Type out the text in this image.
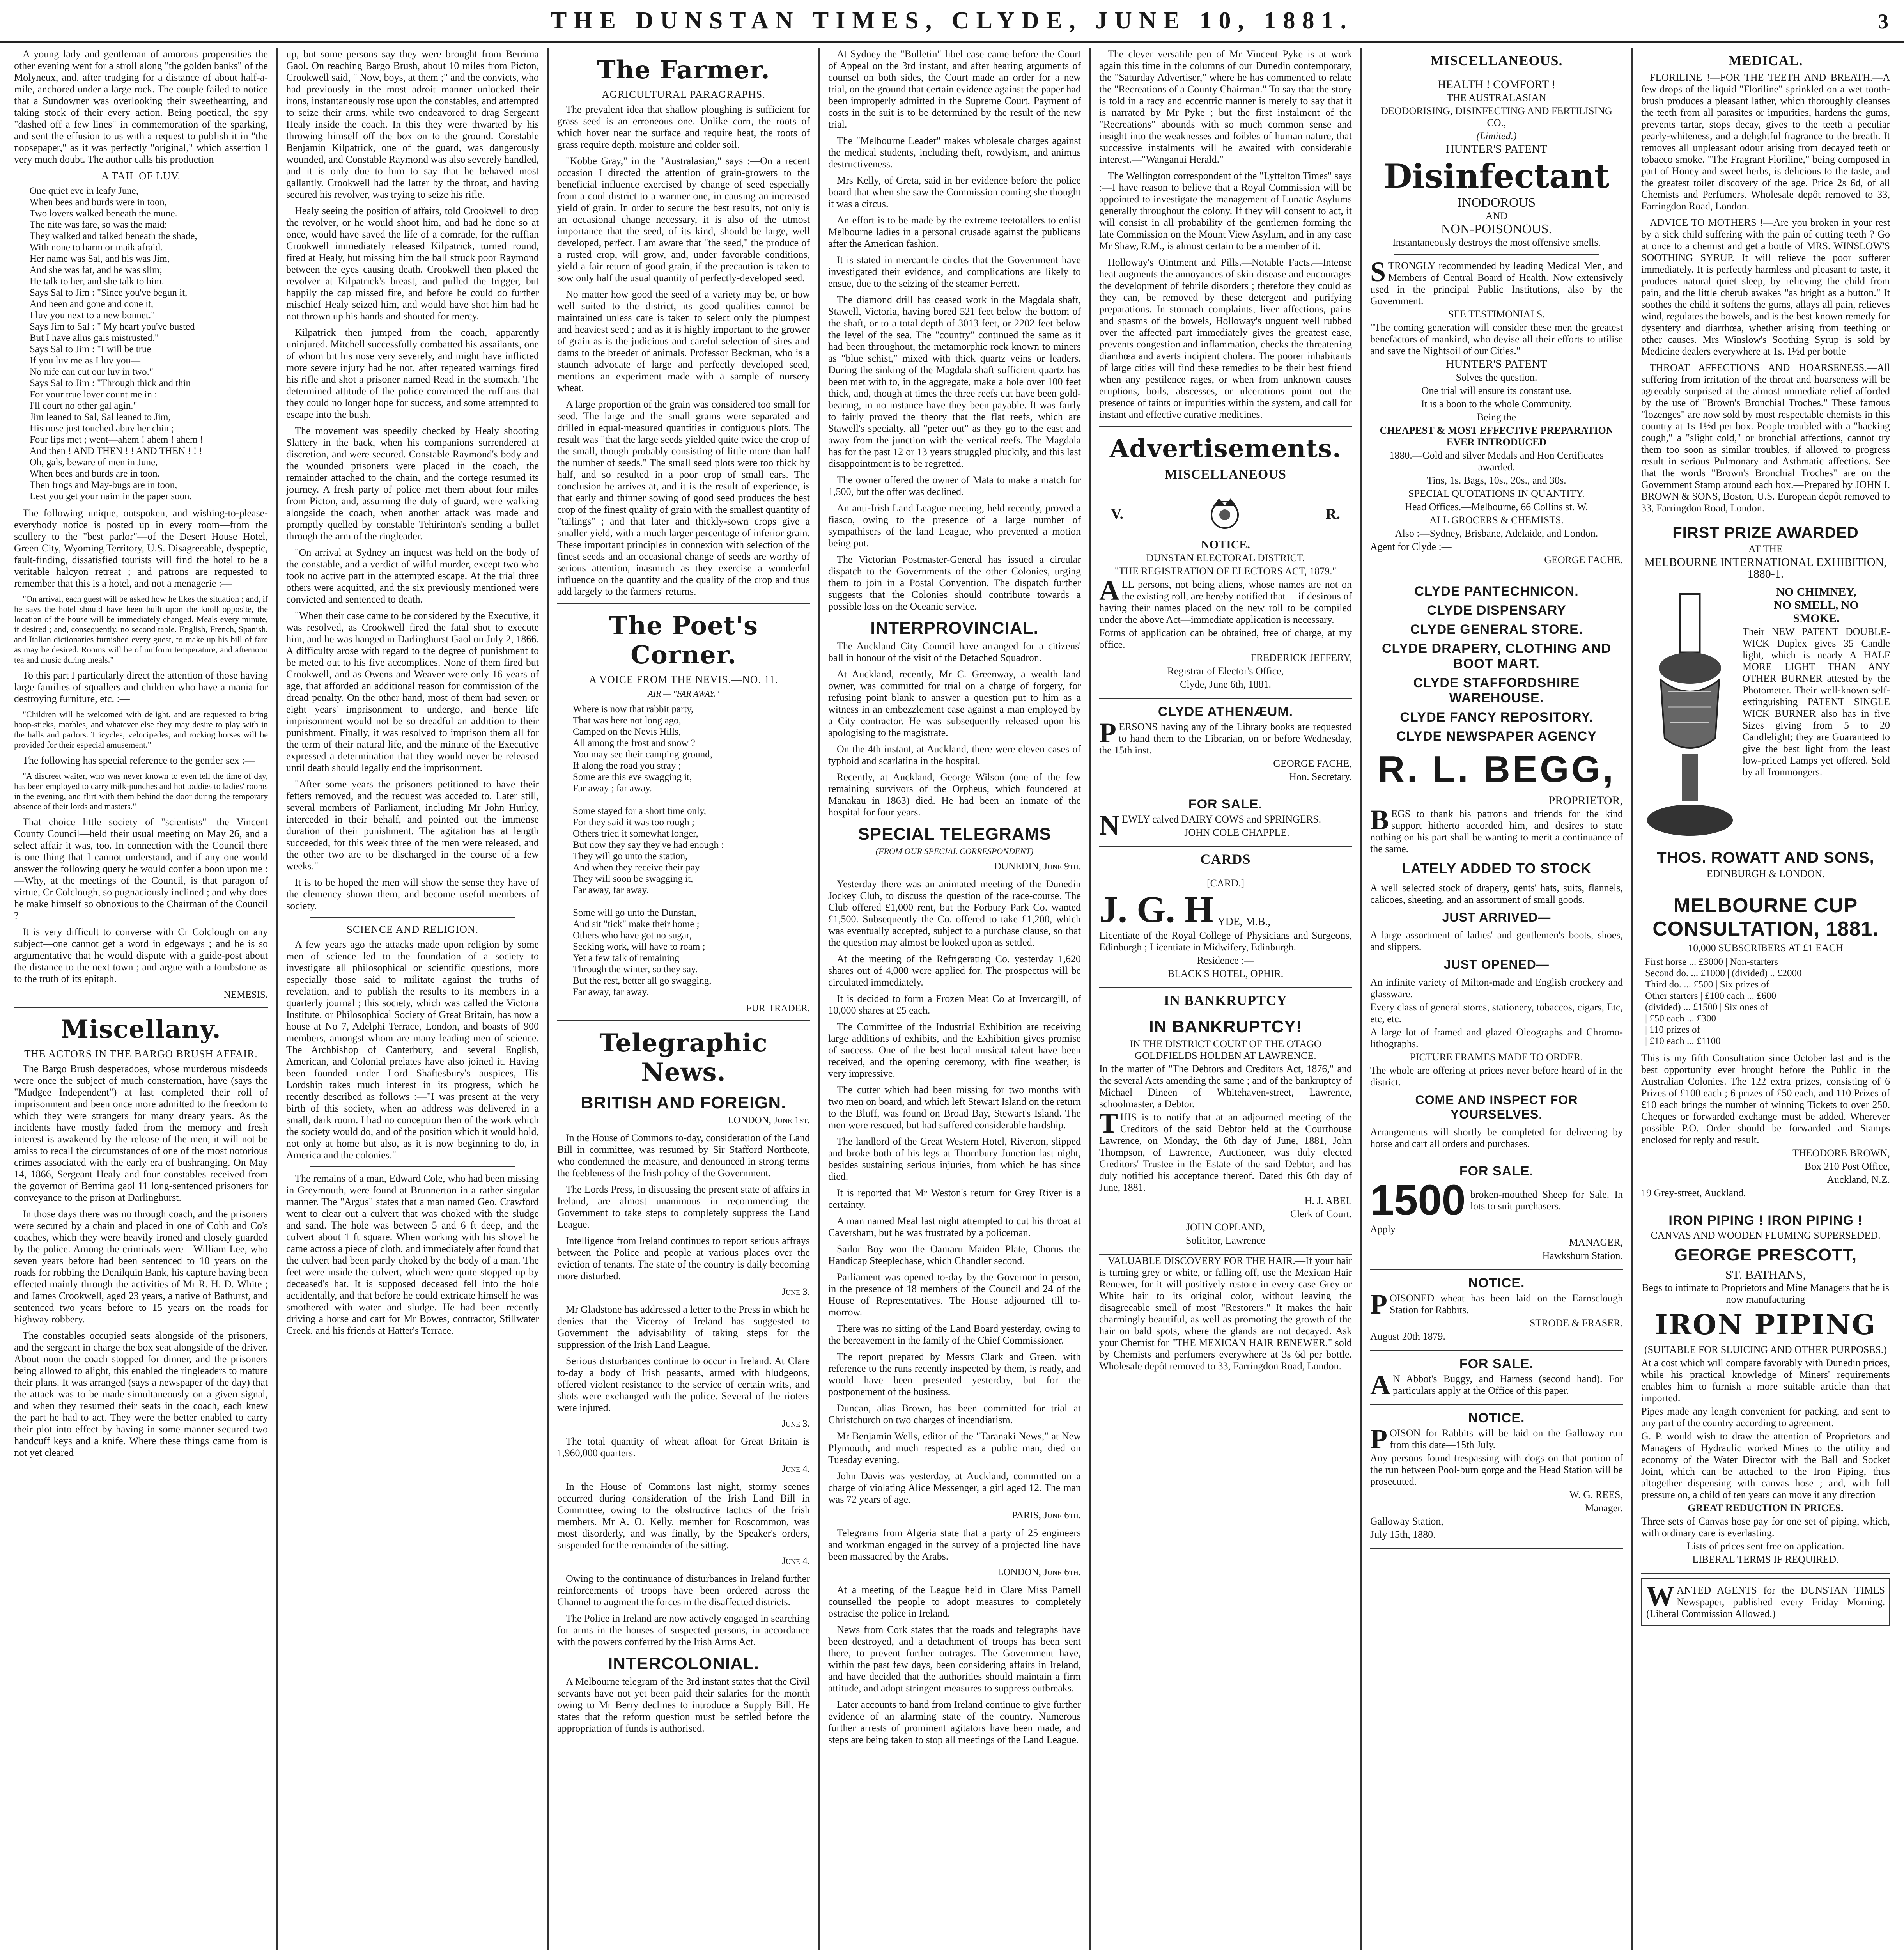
THE DUNSTAN TIMES, CLYDE, JUNE 10, 1881.	3

A young lady and gentleman of amorous propensities the other evening went for a stroll along "the golden banks" of the Molyneux, and, after trudging for a distance of about half-a-mile, anchored under a large rock. The couple failed to notice that a Sundowner was overlooking their sweethearting, and taking stock of their every action. Being poetical, the spy "dashed off a few lines" in commemoration of the sparking, and sent the effusion to us with a request to publish it in "the noosepaper," as it was perfectly "original," which assertion I very much doubt. The author calls his production

A TAIL OF LUV.
One quiet eve in leafy June,
When bees and burds were in toon,
Two lovers walked beneath the mune.
The nite was fare, so was the maid;
They walked and talked beneath the shade,
With none to harm or maik afraid.
Her name was Sal, and his was Jim,
And she was fat, and he was slim;
He talk to her, and she talk to him.
Says Sal to Jim : "Since you've begun it,
And been and gone and done it,
I luv you next to a new bonnet."
Says Jim to Sal : " My heart you've busted
But I have allus gals mistrusted."
Says Sal to Jim : "I will be true
If you luv me as I luv you—
No nife can cut our luv in two."
Says Sal to Jim : "Through thick and thin
For your true lover count me in :
I'll court no other gal agin."
Jim leaned to Sal, Sal leaned to Jim,
His nose just touched abuv her chin ;
Four lips met ; went—ahem ! ahem ! ahem !
And then ! AND THEN ! ! AND THEN ! ! !
Oh, gals, beware of men in June,
When bees and burds are in toon.
Then frogs and May-bugs are in toon,
Lest you get your naim in the paper soon.

The following unique, outspoken, and wishing-to-please-everybody notice is posted up in every room—from the scullery to the "best parlor"—of the Desert House Hotel, Green City, Wyoming Territory, U.S. Disagreeable, dyspeptic, fault-finding, dissatisfied tourists will find the hotel to be a veritable halcyon retreat ; and patrons are requested to remember that this is a hotel, and not a menagerie :—

"On arrival, each guest will be asked how he likes the situation ; and, if he says the hotel should have been built upon the knoll opposite, the location of the house will be immediately changed. Meals every minute, if desired ; and, consequently, no second table. English, French, Spanish, and Italian dictionaries furnished every guest, to make up his bill of fare as may be desired. Rooms will be of uniform temperature, and afternoon tea and music during meals."

To this part I particularly direct the attention of those having large families of squallers and children who have a mania for destroying furniture, etc. :—

"Children will be welcomed with delight, and are requested to bring hoop-sticks, marbles, and whatever else they may desire to play with in the halls and parlors. Tricycles, velocipedes, and rocking horses will be provided for their especial amusement."

The following has special reference to the gentler sex :—

"A discreet waiter, who was never known to even tell the time of day, has been employed to carry milk-punches and hot toddies to ladies' rooms in the evening, and flirt with them behind the door during the temporary absence of their lords and masters."

That choice little society of "scientists"—the Vincent County Council—held their usual meeting on May 26, and a select affair it was, too. In connection with the Council there is one thing that I cannot understand, and if any one would answer the following query he would confer a boon upon me :—Why, at the meetings of the Council, is that paragon of virtue, Cr Colclough, so pugnaciously inclined ; and why does he make himself so obnoxious to the Chairman of the Council ?

It is very difficult to converse with Cr Colclough on any subject—one cannot get a word in edgeways ; and he is so argumentative that he would dispute with a guide-post about the distance to the next town ; and argue with a tombstone as to the truth of its epitaph.

NEMESIS.
Miscellany.
THE ACTORS IN THE BARGO BRUSH AFFAIR.

The Bargo Brush desperadoes, whose murderous misdeeds were once the subject of much consternation, have (says the "Mudgee Independent") at last completed their roll of imprisonment and been once more admitted to the freedom to which they were strangers for many dreary years. As the incidents have mostly faded from the memory and fresh interest is awakened by the release of the men, it will not be amiss to recall the circumstances of one of the most notorious crimes associated with the early era of bushranging. On May 14, 1866, Sergeant Healy and four constables received from the governor of Berrima gaol 11 long-sentenced prisoners for conveyance to the prison at Darlinghurst.

In those days there was no through coach, and the prisoners were secured by a chain and placed in one of Cobb and Co's coaches, which they were heavily ironed and closely guarded by the police. Among the criminals were—William Lee, who seven years before had been sentenced to 10 years on the roads for robbing the Denilquin Bank, his capture having been effected mainly through the activities of Mr R. H. D. White ; and James Crookwell, aged 23 years, a native of Bathurst, and sentenced two years before to 15 years on the roads for highway robbery.

The constables occupied seats alongside of the prisoners, and the sergeant in charge the box seat alongside of the driver. About noon the coach stopped for dinner, and the prisoners being allowed to alight, this enabled the ringleaders to mature their plans. It was arranged (says a newspaper of the day) that the attack was to be made simultaneously on a given signal, and when they resumed their seats in the coach, each knew the part he had to act. They were the better enabled to carry their plot into effect by having in some manner secured two handcuff keys and a knife. Where these things came from is not yet cleared

up, but some persons say they were brought from Berrima Gaol. On reaching Bargo Brush, about 10 miles from Picton, Crookwell said, " Now, boys, at them ;" and the convicts, who had previously in the most adroit manner unlocked their irons, instantaneously rose upon the constables, and attempted to seize their arms, while two endeavored to drag Sergeant Healy inside the coach. In this they were thwarted by his throwing himself off the box on to the ground. Constable Benjamin Kilpatrick, one of the guard, was dangerously wounded, and Constable Raymond was also severely handled, and it is only due to him to say that he behaved most gallantly. Crookwell had the latter by the throat, and having secured his revolver, was trying to seize his rifle.

Healy seeing the position of affairs, told Crookwell to drop the revolver, or he would shoot him, and had he done so at once, would have saved the life of a comrade, for the ruffian Crookwell immediately released Kilpatrick, turned round, fired at Healy, but missing him the ball struck poor Raymond between the eyes causing death. Crookwell then placed the revolver at Kilpatrick's breast, and pulled the trigger, but happily the cap missed fire, and before he could do further mischief Healy seized him, and would have shot him had he not thrown up his hands and shouted for mercy.

Kilpatrick then jumped from the coach, apparently uninjured. Mitchell successfully combatted his assailants, one of whom bit his nose very severely, and might have inflicted more severe injury had he not, after repeated warnings fired his rifle and shot a prisoner named Read in the stomach. The determined attitude of the police convinced the ruffians that they could no longer hope for success, and some attempted to escape into the bush.

The movement was speedily checked by Healy shooting Slattery in the back, when his companions surrendered at discretion, and were secured. Constable Raymond's body and the wounded prisoners were placed in the coach, the remainder attached to the chain, and the cortege resumed its journey. A fresh party of police met them about four miles from Picton, and, assuming the duty of guard, were walking alongside the coach, when another attack was made and promptly quelled by constable Tehirinton's sending a bullet through the arm of the ringleader.

"On arrival at Sydney an inquest was held on the body of the constable, and a verdict of wilful murder, except two who took no active part in the attempted escape. At the trial three others were acquitted, and the six previously mentioned were convicted and sentenced to death.

"When their case came to be considered by the Executive, it was resolved, as Crookwell fired the fatal shot to execute him, and he was hanged in Darlinghurst Gaol on July 2, 1866. A difficulty arose with regard to the degree of punishment to be meted out to his five accomplices. None of them fired but Crookwell, and as Owens and Weaver were only 16 years of age, that afforded an additional reason for commission of the dread penalty. On the other hand, most of them had seven or eight years' imprisonment to undergo, and hence life imprisonment would not be so dreadful an addition to their punishment. Finally, it was resolved to imprison them all for the term of their natural life, and the minute of the Executive expressed a determination that they would never be released until death should legally end the imprisonment.

"After some years the prisoners petitioned to have their fetters removed, and the request was acceded to. Later still, several members of Parliament, including Mr John Hurley, interceded in their behalf, and pointed out the immense duration of their punishment. The agitation has at length succeeded, for this week three of the men were released, and the other two are to be discharged in the course of a few weeks."

It is to be hoped the men will show the sense they have of the clemency shown them, and become useful members of society.

SCIENCE AND RELIGION.

A few years ago the attacks made upon religion by some men of science led to the foundation of a society to investigate all philosophical or scientific questions, more especially those said to militate against the truths of revelation, and to publish the results to its members in a quarterly journal ; this society, which was called the Victoria Institute, or Philosophical Society of Great Britain, has now a house at No 7, Adelphi Terrace, London, and boasts of 900 members, amongst whom are many leading men of science. The Archbishop of Canterbury, and several English, American, and Colonial prelates have also joined it. Having been founded under Lord Shaftesbury's auspices, His Lordship takes much interest in its progress, which he recently described as follows :—"I was present at the very birth of this society, when an address was delivered in a small, dark room. I had no conception then of the work which the society would do, and of the position which it would hold, not only at home but also, as it is now beginning to do, in America and the colonies."

The remains of a man, Edward Cole, who had been missing in Greymouth, were found at Brunnerton in a rather singular manner. The "Argus" states that a man named Geo. Crawford went to clear out a culvert that was choked with the sludge and sand. The hole was between 5 and 6 ft deep, and the culvert about 1 ft square. When working with his shovel he came across a piece of cloth, and immediately after found that the culvert had been partly choked by the body of a man. The feet were inside the culvert, which were quite stopped up by deceased's hat. It is supposed deceased fell into the hole accidentally, and that before he could extricate himself he was smothered with water and sludge. He had been recently driving a horse and cart for Mr Bowes, contractor, Stillwater Creek, and his friends at Hatter's Terrace.

The Farmer.
AGRICULTURAL PARAGRAPHS.

The prevalent idea that shallow ploughing is sufficient for grass seed is an erroneous one. Unlike corn, the roots of which hover near the surface and require heat, the roots of grass require depth, moisture and colder soil.

"Kobbe Gray," in the "Australasian," says :—On a recent occasion I directed the attention of grain-growers to the beneficial influence exercised by change of seed especially from a cool district to a warmer one, in causing an increased yield of grain. In order to secure the best results, not only is an occasional change necessary, it is also of the utmost importance that the seed, of its kind, should be large, well developed, perfect. I am aware that "the seed," the produce of a rusted crop, will grow, and, under favorable conditions, yield a fair return of good grain, if the precaution is taken to sow only half the usual quantity of perfectly-developed seed.

No matter how good the seed of a variety may be, or how well suited to the district, its good qualities cannot be maintained unless care is taken to select only the plumpest and heaviest seed ; and as it is highly important to the grower of grain as is the judicious and careful selection of sires and dams to the breeder of animals. Professor Beckman, who is a staunch advocate of large and perfectly developed seed, mentions an experiment made with a sample of nursery wheat.

A large proportion of the grain was considered too small for seed. The large and the small grains were separated and drilled in equal-measured quantities in contiguous plots. The result was "that the large seeds yielded quite twice the crop of the small, though probably consisting of little more than half the number of seeds." The small seed plots were too thick by half, and so resulted in a poor crop of small ears. The conclusion he arrives at, and it is the result of experience, is that early and thinner sowing of good seed produces the best crop of the finest quality of grain with the smallest quantity of "tailings" ; and that later and thickly-sown crops give a smaller yield, with a much larger percentage of inferior grain. These important principles in connexion with selection of the finest seeds and an occasional change of seeds are worthy of serious attention, inasmuch as they exercise a wonderful influence on the quantity and the quality of the crop and thus add largely to the farmers' returns.

The Poet's Corner.
A VOICE FROM THE NEVIS.—NO. 11.
AIR — "FAR AWAY."
Where is now that rabbit party,
That was here not long ago,
Camped on the Nevis Hills,
All among the frost and snow ?
You may see their camping-ground,
If along the road you stray ;
Some are this eve swagging it,
Far away ; far away.

Some stayed for a short time only,
For they said it was too rough ;
Others tried it somewhat longer,
But now they say they've had enough :
They will go unto the station,
And when they receive their pay
They will soon be swagging it,
Far away, far away.

Some will go unto the Dunstan,
And sit "tick" make their home ;
Others who have got no sugar,
Seeking work, will have to roam ;
Yet a few talk of remaining
Through the winter, so they say.
But the rest, better all go swagging,
Far away, far away.
FUR-TRADER.
Telegraphic News.
BRITISH AND FOREIGN.
LONDON, June 1st.

In the House of Commons to-day, consideration of the Land Bill in committee, was resumed by Sir Stafford Northcote, who condemned the measure, and denounced in strong terms the feebleness of the Irish policy of the Government.

The Lords Press, in discussing the present state of affairs in Ireland, are almost unanimous in recommending the Government to take steps to completely suppress the Land League.

Intelligence from Ireland continues to report serious affrays between the Police and people at various places over the eviction of tenants. The state of the country is daily becoming more disturbed.

June 3.

Mr Gladstone has addressed a letter to the Press in which he denies that the Viceroy of Ireland has suggested to Government the advisability of taking steps for the suppression of the Irish Land League.

Serious disturbances continue to occur in Ireland. At Clare to-day a body of Irish peasants, armed with bludgeons, offered violent resistance to the service of certain writs, and shots were exchanged with the police. Several of the rioters were injured.

June 3.

The total quantity of wheat afloat for Great Britain is 1,960,000 quarters.

June 4.

In the House of Commons last night, stormy scenes occurred during consideration of the Irish Land Bill in Committee, owing to the obstructive tactics of the Irish members. Mr A. O. Kelly, member for Roscommon, was most disorderly, and was finally, by the Speaker's orders, suspended for the remainder of the sitting.

June 4.

Owing to the continuance of disturbances in Ireland further reinforcements of troops have been ordered across the Channel to augment the forces in the disaffected districts.

The Police in Ireland are now actively engaged in searching for arms in the houses of suspected persons, in accordance with the powers conferred by the Irish Arms Act.

INTERCOLONIAL.

A Melbourne telegram of the 3rd instant states that the Civil servants have not yet been paid their salaries for the month owing to Mr Berry declines to introduce a Supply Bill. He states that the reform question must be settled before the appropriation of funds is authorised.

At Sydney the "Bulletin" libel case came before the Court of Appeal on the 3rd instant, and after hearing arguments of counsel on both sides, the Court made an order for a new trial, on the ground that certain evidence against the paper had been improperly admitted in the Supreme Court. Payment of costs in the suit is to be determined by the result of the new trial.

The "Melbourne Leader" makes wholesale charges against the medical students, including theft, rowdyism, and animus destructiveness.

Mrs Kelly, of Greta, said in her evidence before the police board that when she saw the Commission coming she thought it was a circus.

An effort is to be made by the extreme teetotallers to enlist Melbourne ladies in a personal crusade against the publicans after the American fashion.

It is stated in mercantile circles that the Government have investigated their evidence, and complications are likely to ensue, due to the seizing of the steamer Ferrett.

The diamond drill has ceased work in the Magdala shaft, Stawell, Victoria, having bored 521 feet below the bottom of the shaft, or to a total depth of 3013 feet, or 2202 feet below the level of the sea. The "country" continued the same as it had been throughout, the metamorphic rock known to miners as "blue schist," mixed with thick quartz veins or leaders. During the sinking of the Magdala shaft sufficient quartz has been met with to, in the aggregate, make a hole over 100 feet thick, and, though at times the three reefs cut have been gold-bearing, in no instance have they been payable. It was fairly to fairly proved the theory that the flat reefs, which are Stawell's specialty, all "peter out" as they go to the east and away from the junction with the vertical reefs. The Magdala has for the past 12 or 13 years struggled pluckily, and this last disappointment is to be regretted.

The owner offered the owner of Mata to make a match for 1,500, but the offer was declined.

An anti-Irish Land League meeting, held recently, proved a fiasco, owing to the presence of a large number of sympathisers of the land League, who prevented a motion being put.

The Victorian Postmaster-General has issued a circular dispatch to the Governments of the other Colonies, urging them to join in a Postal Convention. The dispatch further suggests that the Colonies should contribute towards a possible loss on the Oceanic service.

INTERPROVINCIAL.

The Auckland City Council have arranged for a citizens' ball in honour of the visit of the Detached Squadron.

At Auckland, recently, Mr C. Greenway, a wealth land owner, was committed for trial on a charge of forgery, for refusing point blank to answer a question put to him as a witness in an embezzlement case against a man employed by a City contractor. He was subsequently released upon his apologising to the magistrate.

On the 4th instant, at Auckland, there were eleven cases of typhoid and scarlatina in the hospital.

Recently, at Auckland, George Wilson (one of the few remaining survivors of the Orpheus, which foundered at Manakau in 1863) died. He had been an inmate of the hospital for four years.

SPECIAL TELEGRAMS
(FROM OUR SPECIAL CORRESPONDENT)
DUNEDIN, June 9th.

Yesterday there was an animated meeting of the Dunedin Jockey Club, to discuss the question of the race-course. The Club offered £1,000 rent, but the Forbury Park Co. wanted £1,500. Subsequently the Co. offered to take £1,200, which was eventually accepted, subject to a purchase clause, so that the question may almost be looked upon as settled.

At the meeting of the Refrigerating Co. yesterday 1,620 shares out of 4,000 were applied for. The prospectus will be circulated immediately.

It is decided to form a Frozen Meat Co at Invercargill, of 10,000 shares at £5 each.

The Committee of the Industrial Exhibition are receiving large additions of exhibits, and the Exhibition gives promise of success. One of the best local musical talent have been received, and the opening ceremony, with fine weather, is very impressive.

The cutter which had been missing for two months with two men on board, and which left Stewart Island on the return to the Bluff, was found on Broad Bay, Stewart's Island. The men were rescued, but had suffered considerable hardship.

The landlord of the Great Western Hotel, Riverton, slipped and broke both of his legs at Thornbury Junction last night, besides sustaining serious injuries, from which he has since died.

It is reported that Mr Weston's return for Grey River is a certainty.

A man named Meal last night attempted to cut his throat at Caversham, but he was frustrated by a policeman.

Sailor Boy won the Oamaru Maiden Plate, Chorus the Handicap Steeplechase, which Chandler second.

Parliament was opened to-day by the Governor in person, in the presence of 18 members of the Council and 24 of the House of Representatives. The House adjourned till to-morrow.

There was no sitting of the Land Board yesterday, owing to the bereavement in the family of the Chief Commissioner.

The report prepared by Messrs Clark and Green, with reference to the runs recently inspected by them, is ready, and would have been presented yesterday, but for the postponement of the business.

Duncan, alias Brown, has been committed for trial at Christchurch on two charges of incendiarism.

Mr Benjamin Wells, editor of the "Taranaki News," at New Plymouth, and much respected as a public man, died on Tuesday evening.

John Davis was yesterday, at Auckland, committed on a charge of violating Alice Messenger, a girl aged 12. The man was 72 years of age.

PARIS, June 6th.

Telegrams from Algeria state that a party of 25 engineers and workman engaged in the survey of a projected line have been massacred by the Arabs.

LONDON, June 6th.

At a meeting of the League held in Clare Miss Parnell counselled the people to adopt measures to completely ostracise the police in Ireland.

News from Cork states that the roads and telegraphs have been destroyed, and a detachment of troops has been sent there, to prevent further outrages. The Government have, within the past few days, been considering affairs in Ireland, and have decided that the authorities should maintain a firm attitude, and adopt stringent measures to suppress outbreaks.

Later accounts to hand from Ireland continue to give further evidence of an alarming state of the country. Numerous further arrests of prominent agitators have been made, and steps are being taken to stop all meetings of the Land League.

The clever versatile pen of Mr Vincent Pyke is at work again this time in the columns of our Dunedin contemporary, the "Saturday Advertiser," where he has commenced to relate the "Recreations of a County Chairman." To say that the story is told in a racy and eccentric manner is merely to say that it is narrated by Mr Pyke ; but the first instalment of the "Recreations" abounds with so much common sense and insight into the weaknesses and foibles of human nature, that successive instalments will be awaited with considerable interest.—"Wanganui Herald."

The Wellington correspondent of the "Lyttelton Times" says :—I have reason to believe that a Royal Commission will be appointed to investigate the management of Lunatic Asylums generally throughout the colony. If they will consent to act, it will consist in all probability of the gentlemen forming the late Commission on the Mount View Asylum, and in any case Mr Shaw, R.M., is almost certain to be a member of it.

Holloway's Ointment and Pills.—Notable Facts.—Intense heat augments the annoyances of skin disease and encourages the development of febrile disorders ; therefore they could as they can, be removed by these detergent and purifying preparations. In stomach complaints, liver affections, pains and spasms of the bowels, Holloway's unguent well rubbed over the affected part immediately gives the greatest ease, prevents congestion and inflammation, checks the threatening diarrhœa and averts incipient cholera. The poorer inhabitants of large cities will find these remedies to be their best friend when any pestilence rages, or when from unknown causes eruptions, boils, abscesses, or ulcerations point out the presence of taints or impurities within the system, and call for instant and effective curative medicines.

Advertisements.
MISCELLANEOUS
V.	R.
NOTICE.
DUNSTAN ELECTORAL DISTRICT.
"THE REGISTRATION OF ELECTORS ACT, 1879."
ALL persons, not being aliens, whose names are not on the existing roll, are hereby notified that —if desirous of having their names placed on the new roll to be compiled under the above Act—immediate application is necessary.
Forms of application can be obtained, free of charge, at my office.
FREDERICK JEFFERY,
Registrar of Elector's Office,
Clyde, June 6th, 1881.
CLYDE ATHENÆUM.
PERSONS having any of the Library books are requested to hand them to the Librarian, on or before Wednesday, the 15th inst.
GEORGE FACHE,
Hon. Secretary.
FOR SALE.
NEWLY calved DAIRY COWS and SPRINGERS.
JOHN COLE CHAPPLE.
CARDS
[CARD.]
J. G. H YDE, M.B.,
Licentiate of the Royal College of Physicians and Surgeons, Edinburgh ; Licentiate in Midwifery, Edinburgh.
Residence :—
BLACK'S HOTEL, OPHIR.
IN BANKRUPTCY
IN BANKRUPTCY!
IN THE DISTRICT COURT OF THE OTAGO GOLDFIELDS HOLDEN AT LAWRENCE.
In the matter of "The Debtors and Creditors Act, 1876," and the several Acts amending the same ; and of the bankruptcy of Michael Dineen of Whitehaven-street, Lawrence, schoolmaster, a Debtor.
THIS is to notify that at an adjourned meeting of the Creditors of the said Debtor held at the Courthouse Lawrence, on Monday, the 6th day of June, 1881, John Thompson, of Lawrence, Auctioneer, was duly elected Creditors' Trustee in the Estate of the said Debtor, and has duly notified his acceptance thereof. Dated this 6th day of June, 1881.
H. J. ABEL
Clerk of Court.
JOHN COPLAND,
Solicitor, Lawrence

VALUABLE DISCOVERY FOR THE HAIR.—If your hair is turning grey or white, or falling off, use the Mexican Hair Renewer, for it will positively restore in every case Grey or White hair to its original color, without leaving the disagreeable smell of most "Restorers." It makes the hair charmingly beautiful, as well as promoting the growth of the hair on bald spots, where the glands are not decayed. Ask your Chemist for "THE MEXICAN HAIR RENEWER," sold by Chemists and perfumers everywhere at 3s 6d per bottle. Wholesale depôt removed to 33, Farringdon Road, London.

MISCELLANEOUS.
HEALTH ! COMFORT !
THE AUSTRALASIAN
DEODORISING, DISINFECTING AND FERTILISING CO.,
(Limited.)
HUNTER'S PATENT
Disinfectant
INODOROUS
AND
NON-POISONOUS.
Instantaneously destroys the most offensive smells.
STRONGLY recommended by leading Medical Men, and Members of Central Board of Health. Now extensively used in the principal Public Institutions, also by the Government.
SEE TESTIMONIALS.
"The coming generation will consider these men the greatest benefactors of mankind, who devise all their efforts to utilise and save the Nightsoil of our Cities."
HUNTER'S PATENT
Solves the question.
One trial will ensure its constant use.
It is a boon to the whole Community.
Being the
CHEAPEST & MOST EFFECTIVE PREPARATION EVER INTRODUCED
1880.—Gold and silver Medals and Hon Certificates awarded.
Tins, 1s. Bags, 10s., 20s., and 30s.
SPECIAL QUOTATIONS IN QUANTITY.
Head Offices.—Melbourne, 66 Collins st. W.
ALL GROCERS & CHEMISTS.
Also :—Sydney, Brisbane, Adelaide, and London.
Agent for Clyde :—
GEORGE FACHE.
CLYDE PANTECHNICON.
CLYDE DISPENSARY
CLYDE GENERAL STORE.
CLYDE DRAPERY, CLOTHING AND BOOT MART.
CLYDE STAFFORDSHIRE WAREHOUSE.
CLYDE FANCY REPOSITORY.
CLYDE NEWSPAPER AGENCY
R. L. BEGG,
PROPRIETOR,
BEGS to thank his patrons and friends for the kind support hitherto accorded him, and desires to state nothing on his part shall be wanting to merit a continuance of the same.
LATELY ADDED TO STOCK
A well selected stock of drapery, gents' hats, suits, flannels, calicoes, sheeting, and an assortment of small goods.
JUST ARRIVED—
A large assortment of ladies' and gentlemen's boots, shoes, and slippers.
JUST OPENED—
An infinite variety of Milton-made and English crockery and glassware.
Every class of general stores, stationery, tobaccos, cigars, Etc, etc, etc.
A large lot of framed and glazed Oleographs and Chromo-lithographs.
PICTURE FRAMES MADE TO ORDER.
The whole are offering at prices never before heard of in the district.
COME AND INSPECT FOR YOURSELVES.
Arrangements will shortly be completed for delivering by horse and cart all orders and purchases.
FOR SALE.
1500 broken-mouthed Sheep for Sale. In lots to suit purchasers.
Apply—
MANAGER,
Hawksburn Station.
NOTICE.
POISONED wheat has been laid on the Earnsclough Station for Rabbits.
STRODE & FRASER.
August 20th 1879.
FOR SALE.
AN Abbot's Buggy, and Harness (second hand). For particulars apply at the Office of this paper.
NOTICE.
POISON for Rabbits will be laid on the Galloway run from this date—15th July.
Any persons found trespassing with dogs on that portion of the run between Pool-burn gorge and the Head Station will be prosecuted.
W. G. REES,
Manager.
Galloway Station,
July 15th, 1880.
MEDICAL.

FLORILINE !—FOR THE TEETH AND BREATH.—A few drops of the liquid "Floriline" sprinkled on a wet tooth-brush produces a pleasant lather, which thoroughly cleanses the teeth from all parasites or impurities, hardens the gums, prevents tartar, stops decay, gives to the teeth a peculiar pearly-whiteness, and a delightful fragrance to the breath. It removes all unpleasant odour arising from decayed teeth or tobacco smoke. "The Fragrant Floriline," being composed in part of Honey and sweet herbs, is delicious to the taste, and the greatest toilet discovery of the age. Price 2s 6d, of all Chemists and Perfumers. Wholesale depôt removed to 33, Farringdon Road, London.

ADVICE TO MOTHERS !—Are you broken in your rest by a sick child suffering with the pain of cutting teeth ? Go at once to a chemist and get a bottle of MRS. WINSLOW'S SOOTHING SYRUP. It will relieve the poor sufferer immediately. It is perfectly harmless and pleasant to taste, it produces natural quiet sleep, by relieving the child from pain, and the little cherub awakes "as bright as a button." It soothes the child it softens the gums, allays all pain, relieves wind, regulates the bowels, and is the best known remedy for dysentery and diarrhœa, whether arising from teething or other causes. Mrs Winslow's Soothing Syrup is sold by Medicine dealers everywhere at 1s. 1½d per bottle

THROAT AFFECTIONS AND HOARSENESS.—All suffering from irritation of the throat and hoarseness will be agreeably surprised at the almost immediate relief afforded by the use of "Brown's Bronchial Troches." These famous "lozenges" are now sold by most respectable chemists in this country at 1s 1½d per box. People troubled with a "hacking cough," a "slight cold," or bronchial affections, cannot try them too soon as similar troubles, if allowed to progress result in serious Pulmonary and Asthmatic affections. See that the words "Brown's Bronchial Troches" are on the Government Stamp around each box.—Prepared by JOHN I. BROWN & SONS, Boston, U.S. European depôt removed to 33, Farringdon Road, London.

FIRST PRIZE AWARDED
AT THE
MELBOURNE INTERNATIONAL EXHIBITION, 1880-1.
NO CHIMNEY,
NO SMELL, NO
SMOKE.
Their NEW PATENT DOUBLE-WICK Duplex gives 35 Candle light, which is nearly A HALF MORE LIGHT THAN ANY OTHER BURNER attested by the Photometer. Their well-known self-extinguishing PATENT SINGLE WICK BURNER also has in five Sizes giving from 5 to 20 Candlelight; they are Guaranteed to give the best light from the least low-priced Lamps yet offered. Sold by all Ironmongers.
THOS. ROWATT AND SONS,
EDINBURGH & LONDON.
MELBOURNE CUP CONSULTATION, 1881.
10,000 SUBSCRIBERS AT £1 EACH
First horse ... £3000 | Non-starters
Second do. ... £1000 | (divided) .. £2000
Third do. ... £500 | Six prizes of
Other starters | £100 each ... £600
(divided) ... £1500 | Six ones of
| £50 each ... £300
| 110 prizes of
| £10 each ... £1100
This is my fifth Consultation since October last and is the best opportunity ever brought before the Public in the Australian Colonies. The 122 extra prizes, consisting of 6 Prizes of £100 each ; 6 prizes of £50 each, and 110 Prizes of £10 each brings the number of winning Tickets to over 250. Cheques or forwarded exchange must be added. Wherever possible P.O. Order should be forwarded and Stamps enclosed for reply and result.
THEODORE BROWN,
Box 210 Post Office,
Auckland, N.Z.
19 Grey-street, Auckland.
IRON PIPING ! IRON PIPING !
CANVAS AND WOODEN FLUMING SUPERSEDED.
GEORGE PRESCOTT,
ST. BATHANS,
Begs to intimate to Proprietors and Mine Managers that he is now manufacturing
IRON PIPING
(SUITABLE FOR SLUICING AND OTHER PURPOSES.)
At a cost which will compare favorably with Dunedin prices, while his practical knowledge of Miners' requirements enables him to furnish a more suitable article than that imported.
Pipes made any length convenient for packing, and sent to any part of the country according to agreement.
G. P. would wish to draw the attention of Proprietors and Managers of Hydraulic worked Mines to the utility and economy of the Water Director with the Ball and Socket Joint, which can be attached to the Iron Piping, thus altogether dispensing with canvas hose ; and, with full pressure on, a child of ten years can move it any direction
GREAT REDUCTION IN PRICES.
Three sets of Canvas hose pay for one set of piping, which, with ordinary care is everlasting.
Lists of prices sent free on application.
LIBERAL TERMS IF REQUIRED.
WANTED AGENTS for the DUNSTAN TIMES Newspaper, published every Friday Morning. (Liberal Commission Allowed.)
